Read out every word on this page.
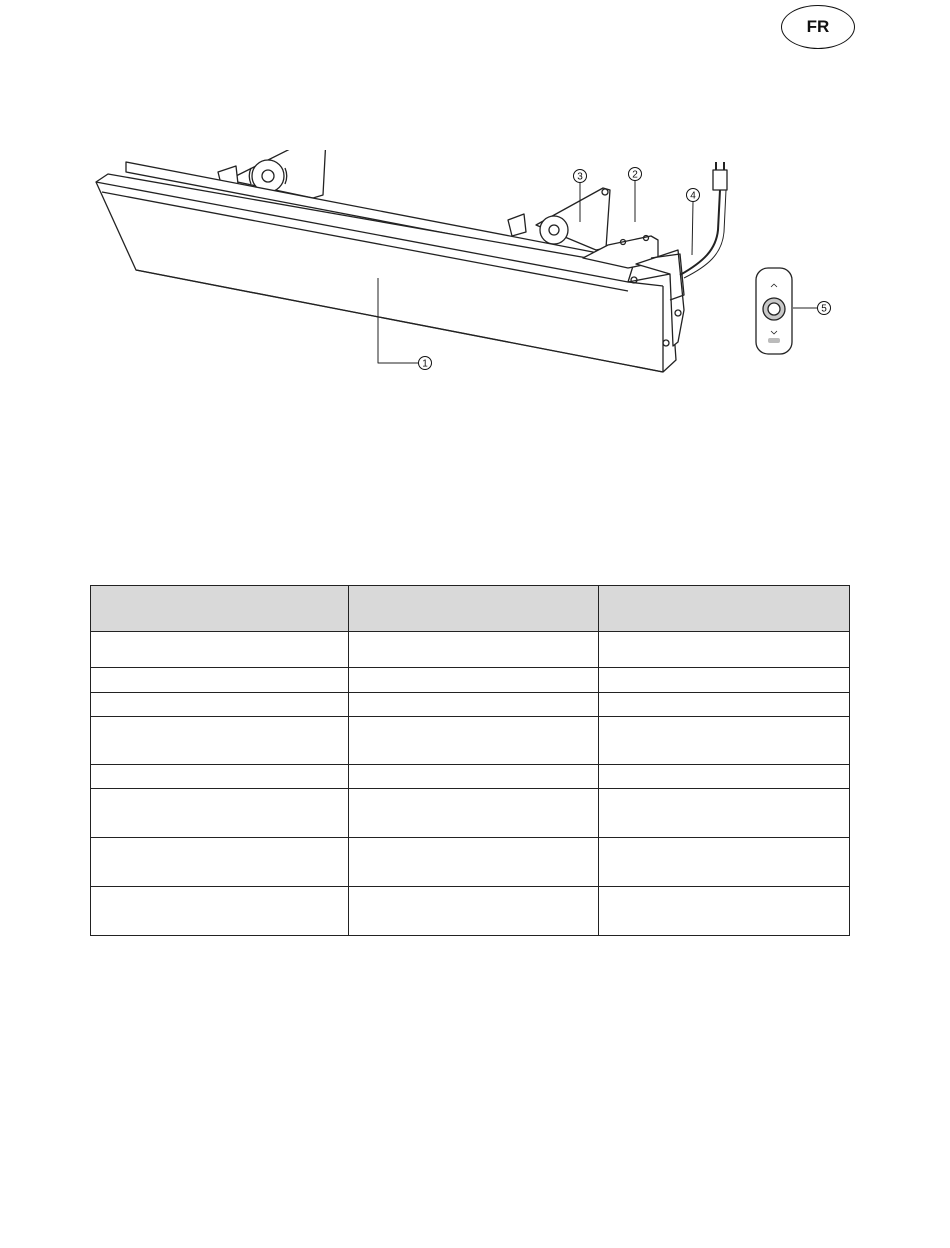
FR
1
2
3
4
5
